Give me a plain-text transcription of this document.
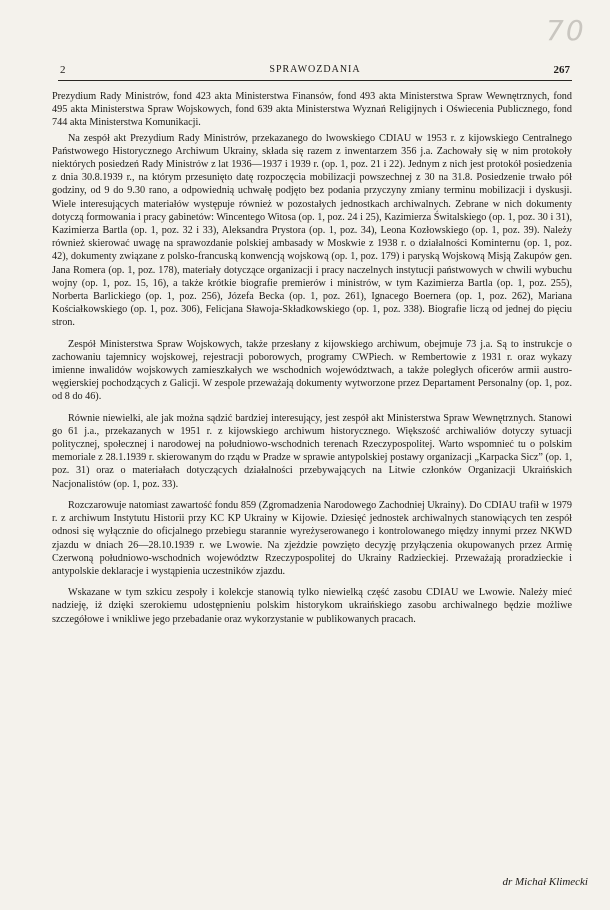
70
2	SPRAWOZDANIA	267

Prezydium Rady Ministrów, fond 423 akta Ministerstwa Finansów, fond 493 akta Ministerstwa Spraw Wewnętrznych, fond 495 akta Ministerstwa Spraw Wojskowych, fond 639 akta Ministerstwa Wyznań Religijnych i Oświecenia Publicznego, fond 744 akta Ministerstwa Komunikacji.

Na zespół akt Prezydium Rady Ministrów, przekazanego do lwowskiego CDIAU w 1953 r. z kijowskiego Centralnego Państwowego Historycznego Archiwum Ukrainy, składa się razem z inwentarzem 356 j.a. Zachowały się w nim protokoły niektórych posiedzeń Rady Ministrów z lat 1936—1937 i 1939 r. (op. 1, poz. 21 i 22). Jednym z nich jest protokół posiedzenia z dnia 30.8.1939 r., na którym przesunięto datę rozpoczęcia mobilizacji powszechnej z 30 na 31.8. Posiedzenie trwało pół godziny, od 9 do 9.30 rano, a odpowiednią uchwałę podjęto bez podania przyczyny zmiany terminu mobilizacji i dyskusji. Wiele interesujących materiałów występuje również w pozostałych jednostkach archiwalnych. Zebrane w nich dokumenty dotyczą formowania i pracy gabinetów: Wincentego Witosa (op. 1, poz. 24 i 25), Kazimierza Świtalskiego (op. 1, poz. 30 i 31), Kazimierza Bartla (op. 1, poz. 32 i 33), Aleksandra Prystora (op. 1, poz. 34), Leona Kozłowskiego (op. 1, poz. 39). Należy również skierować uwagę na sprawozdanie polskiej ambasady w Moskwie z 1938 r. o działalności Kominternu (op. 1, poz. 42), dokumenty związane z polsko-francuską konwencją wojskową (op. 1, poz. 179) i paryską Wojskową Misją Zakupów gen. Jana Romera (op. 1, poz. 178), materiały dotyczące organizacji i pracy naczelnych instytucji państwowych w chwili wybuchu wojny (op. 1, poz. 15, 16), a także krótkie biografie premierów i ministrów, w tym Kazimierza Bartla (op. 1, poz. 255), Norberta Barlickiego (op. 1, poz. 256), Józefa Becka (op. 1, poz. 261), Ignacego Boernera (op. 1, poz. 262), Mariana Kościałkowskiego (op. 1, poz. 306), Felicjana Sławoja-Składkowskiego (op. 1, poz. 338). Biografie liczą od jednej do pięciu stron.

Zespół Ministerstwa Spraw Wojskowych, także przesłany z kijowskiego archiwum, obejmuje 73 j.a. Są to instrukcje o zachowaniu tajemnicy wojskowej, rejestracji poborowych, programy CWPiech. w Rembertowie z 1931 r. oraz wykazy imienne inwalidów wojskowych zamieszkałych we wschodnich województwach, a także poległych oficerów armii austro-węgierskiej pochodzących z Galicji. W zespole przeważają dokumenty wytworzone przez Departament Personalny (op. 1, poz. od 8 do 46).

Równie niewielki, ale jak można sądzić bardziej interesujący, jest zespół akt Ministerstwa Spraw Wewnętrznych. Stanowi go 61 j.a., przekazanych w 1951 r. z kijowskiego archiwum historycznego. Większość archiwaliów dotyczy sytuacji politycznej, społecznej i narodowej na południowo-wschodnich terenach Rzeczypospolitej. Warto wspomnieć tu o polskim memoriale z 28.1.1939 r. skierowanym do rządu w Pradze w sprawie antypolskiej postawy organizacji „Karpacka Sicz” (op. 1, poz. 31) oraz o materiałach dotyczących działalności przebywających na Litwie członków Organizacji Ukraińskich Nacjonalistów (op. 1, poz. 33).

Rozczarowuje natomiast zawartość fondu 859 (Zgromadzenia Narodowego Zachodniej Ukrainy). Do CDIAU trafił w 1979 r. z archiwum Instytutu Historii przy KC KP Ukrainy w Kijowie. Dziesięć jednostek archiwalnych stanowiących ten zespół odnosi się wyłącznie do oficjalnego przebiegu starannie wyreżyserowanego i kontrolowanego między innymi przez NKWD zjazdu w dniach 26—28.10.1939 r. we Lwowie. Na zjeździe powzięto decyzję przyłączenia okupowanych przez Armię Czerwoną południowo-wschodnich województw Rzeczypospolitej do Ukrainy Radzieckiej. Przeważają proradzieckie i antypolskie deklaracje i wystąpienia uczestników zjazdu.

Wskazane w tym szkicu zespoły i kolekcje stanowią tylko niewielką część zasobu CDIAU we Lwowie. Należy mieć nadzieję, iż dzięki szerokiemu udostępnieniu polskim historykom ukraińskiego zasobu archiwalnego będzie możliwe szczegółowe i wnikliwe jego przebadanie oraz wykorzystanie w publikowanych pracach.

dr Michał Klimecki
